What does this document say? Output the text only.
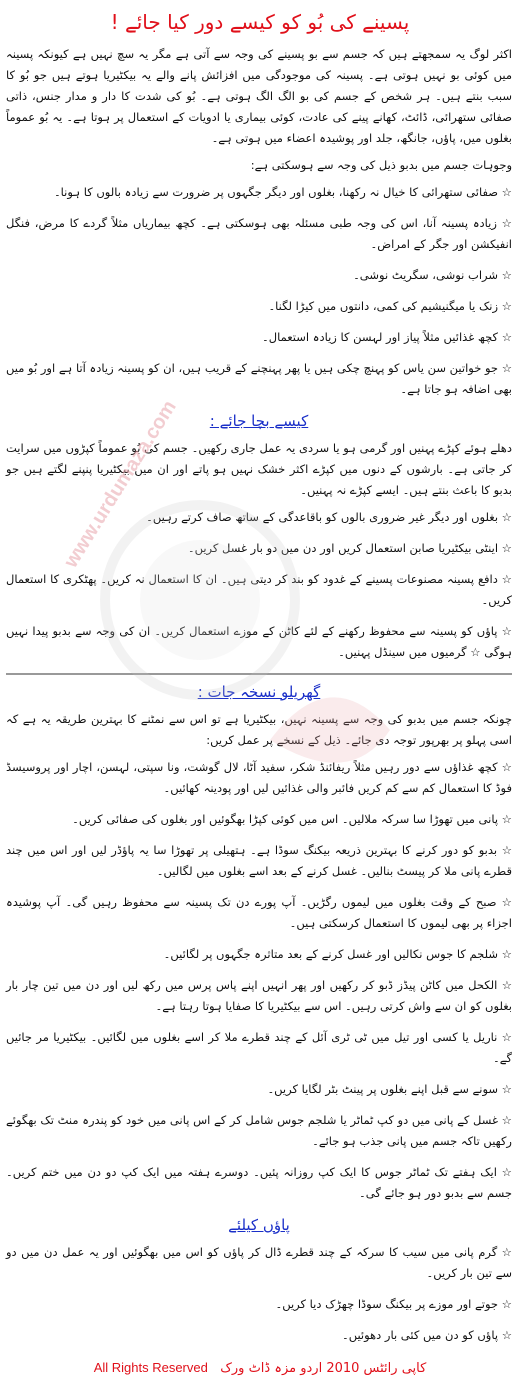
www.urdumaza.com
پسینے کی بُو کو کیسے دور کیا جائے !

اکثر لوگ یہ سمجھتے ہیں کہ جسم سے بو پسینے کی وجہ سے آتی ہے مگر یہ سچ نہیں ہے کیونکہ پسینہ میں کوئی بو نہیں ہوتی ہے۔ پسینہ کی موجودگی میں افزائش پانے والے یہ بیکٹیریا ہوتے ہیں جو بُو کا سبب بنتے ہیں۔ ہر شخص کے جسم کی بو الگ الگ ہوتی ہے۔ بُو کی شدت کا دار و مدار جنس، ذاتی صفائی ستھرائی، ڈائٹ، کھانے پینے کی عادت، کوئی بیماری یا ادویات کے استعمال پر ہوتا ہے۔ یہ بُو عموماً بغلوں میں، پاؤں، جانگھ، جلد اور پوشیدہ اعضاء میں ہوتی ہے۔

وجوہات جسم میں بدبو ذیل کی وجہ سے ہوسکتی ہے:

☆ صفائی ستھرائی کا خیال نہ رکھنا، بغلوں اور دیگر جگہوں پر ضرورت سے زیادہ بالوں کا ہونا۔

☆ زیادہ پسینہ آنا، اس کی وجہ طبی مسئلہ بھی ہوسکتی ہے۔ کچھ بیماریاں مثلاً گردے کا مرض، فنگل انفیکشن اور جگر کے امراض۔

☆ شراب نوشی، سگریٹ نوشی۔

☆ زنک یا میگنیشیم کی کمی، دانتوں میں کیڑا لگنا۔

☆ کچھ غذائیں مثلاً پیاز اور لہسن کا زیادہ استعمال۔

☆ جو خواتین سن یاس کو پہنچ چکی ہیں یا پھر پہنچنے کے قریب ہیں، ان کو پسینہ زیادہ آتا ہے اور بُو میں بھی اضافہ ہو جاتا ہے۔

کیسے بچا جائے :

دھلے ہوئے کپڑے پہنیں اور گرمی ہو یا سردی یہ عمل جاری رکھیں۔ جسم کی بُو عموماً کپڑوں میں سرایت کر جاتی ہے۔ بارشوں کے دنوں میں کپڑے اکثر خشک نہیں ہو پاتے اور ان میں بیکٹیریا پنپنے لگتے ہیں جو بدبو کا باعث بنتے ہیں۔ ایسے کپڑے نہ پہنیں۔

☆ بغلوں اور دیگر غیر ضروری بالوں کو باقاعدگی کے ساتھ صاف کرتے رہیں۔

☆ اینٹی بیکٹیریا صابن استعمال کریں اور دن میں دو بار غسل کریں۔

☆ دافع پسینہ مصنوعات پسینے کے غدود کو بند کر دیتی ہیں۔ ان کا استعمال نہ کریں۔ پھٹکری کا استعمال کریں۔

☆ پاؤں کو پسینہ سے محفوظ رکھنے کے لئے کاٹن کے موزے استعمال کریں۔ ان کی وجہ سے بدبو پیدا نہیں ہوگی ☆ گرمیوں میں سینڈل پہنیں۔

گھریلو نسخہ جات :

چونکہ جسم میں بدبو کی وجہ سے پسینہ نہیں، بیکٹیریا ہے تو اس سے نمٹنے کا بہترین طریقہ یہ ہے کہ اسی پہلو پر بھرپور توجہ دی جائے۔ ذیل کے نسخے پر عمل کریں:

☆ کچھ غذاؤں سے دور رہیں مثلاً ریفائنڈ شکر، سفید آٹا، لال گوشت، ونا سپتی، لہسن، اچار اور پروسیسڈ فوڈ کا استعمال کم سے کم کریں فائبر والی غذائیں لیں اور پودینہ کھائیں۔

☆ پانی میں تھوڑا سا سرکہ ملالیں۔ اس میں کوئی کپڑا بھگوئیں اور بغلوں کی صفائی کریں۔

☆ بدبو کو دور کرنے کا بہترین ذریعہ بیکنگ سوڈا ہے۔ ہتھیلی پر تھوڑا سا یہ پاؤڈر لیں اور اس میں چند قطرے پانی ملا کر پیسٹ بنالیں۔ غسل کرنے کے بعد اسے بغلوں میں لگالیں۔

☆ صبح کے وقت بغلوں میں لیموں رگڑیں۔ آپ پورے دن تک پسینہ سے محفوظ رہیں گی۔ آپ پوشیدہ اجزاء پر بھی لیموں کا استعمال کرسکتی ہیں۔

☆ شلجم کا جوس نکالیں اور غسل کرنے کے بعد متاثرہ جگہوں پر لگائیں۔

☆ الکحل میں کاٹن پیڈز ڈبو کر رکھیں اور پھر انہیں اپنے پاس پرس میں رکھ لیں اور دن میں تین چار بار بغلوں کو ان سے واش کرتی رہیں۔ اس سے بیکٹیریا کا صفایا ہوتا رہتا ہے۔

☆ ناریل یا کسی اور تیل میں ٹی ٹری آئل کے چند قطرے ملا کر اسے بغلوں میں لگائیں۔ بیکٹیریا مر جائیں گے۔

☆ سونے سے قبل اپنے بغلوں پر پینٹ بٹر لگایا کریں۔

☆ غسل کے پانی میں دو کپ ٹماٹر یا شلجم جوس شامل کر کے اس پانی میں خود کو پندرہ منٹ تک بھگوئے رکھیں تاکہ جسم میں پانی جذب ہو جائے۔

☆ ایک ہفتے تک ٹماٹر جوس کا ایک کپ روزانہ پئیں۔ دوسرے ہفتہ میں ایک کپ دو دن میں ختم کریں۔ جسم سے بدبو دور ہو جائے گی۔

پاؤں کیلئے

☆ گرم پانی میں سیب کا سرکہ کے چند قطرے ڈال کر پاؤں کو اس میں بھگوئیں اور یہ عمل دن میں دو سے تین بار کریں۔

☆ جوتے اور موزے پر بیکنگ سوڈا چھڑک دیا کریں۔

☆ پاؤں کو دن میں کئی بار دھوئیں۔

All Rights Reserved کاپی رائٹس 2010 اردو مزہ ڈاٹ ورک
